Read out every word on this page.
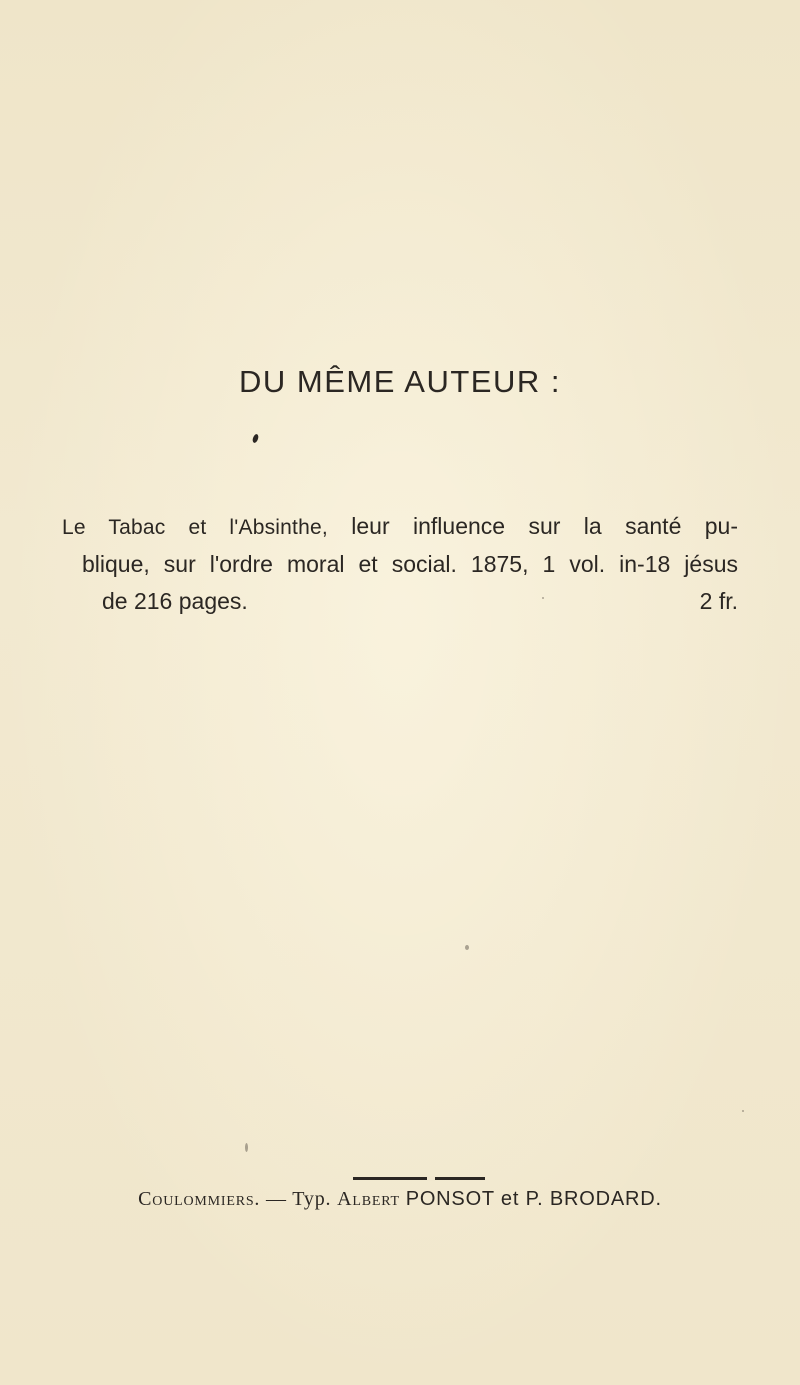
DU MÊME AUTEUR :
Le Tabac et l'Absinthe, leur influence sur la santé pu-
blique, sur l'ordre moral et social. 1875, 1 vol. in-18 jésus
de 216 pages.	2 fr.
Coulommiers. — Typ. Albert PONSOT et P. BRODARD.
